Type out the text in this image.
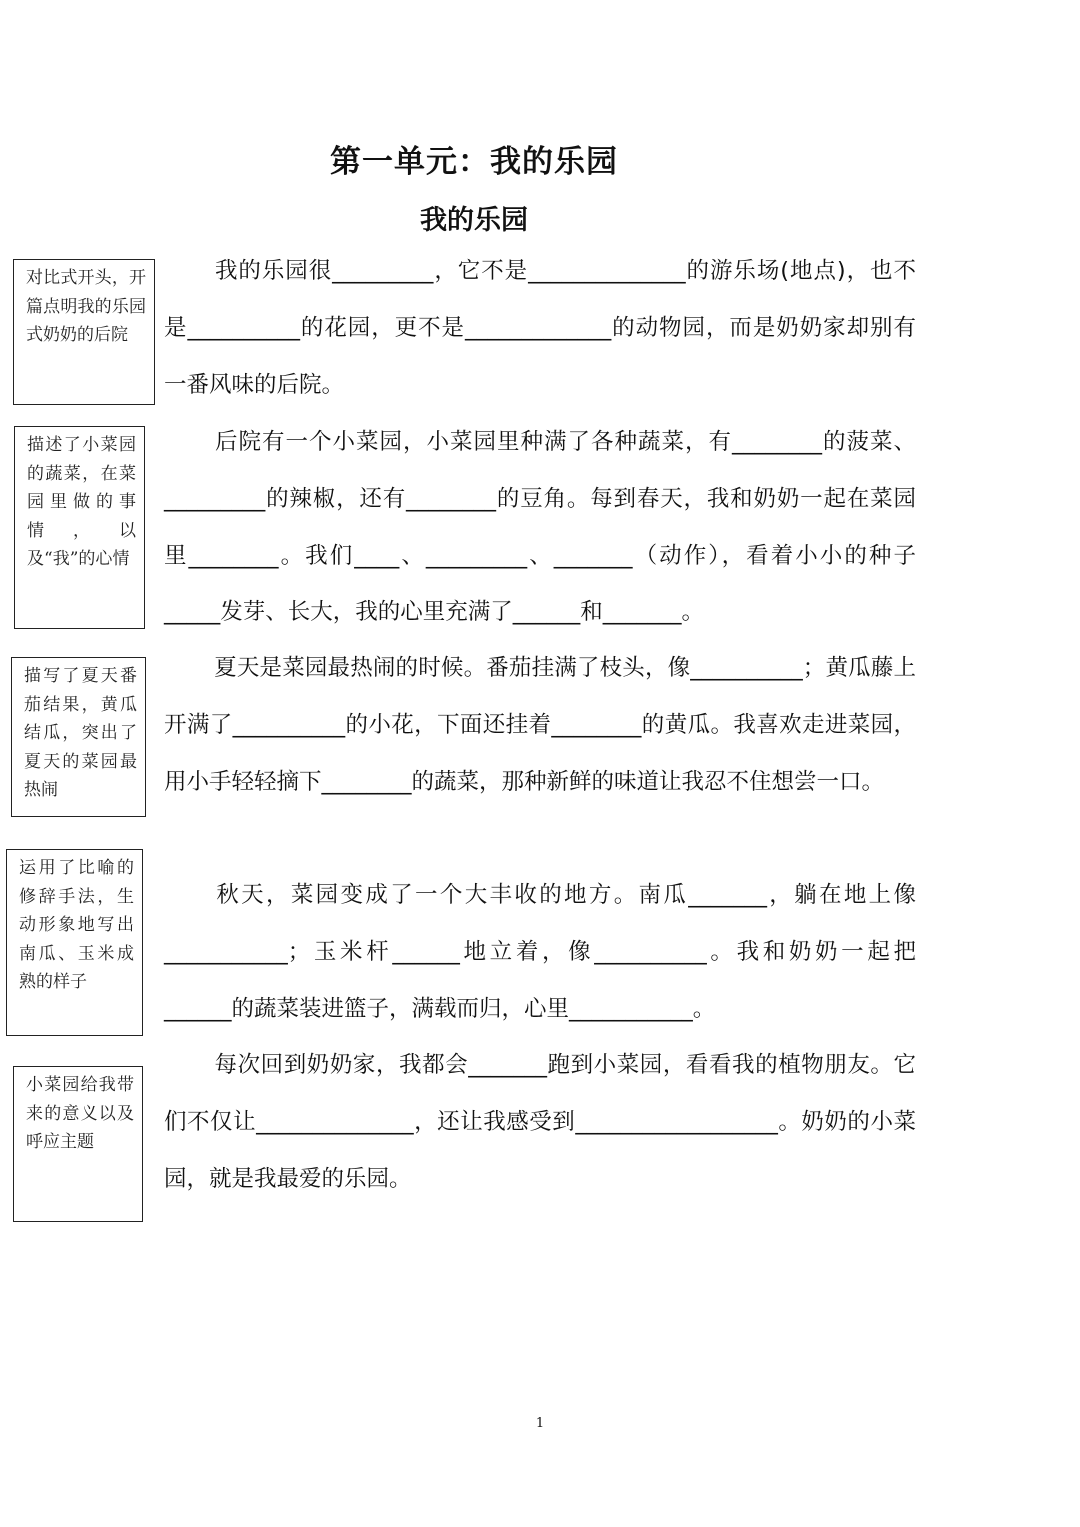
第一单元：我的乐园
我的乐园
对比式开头，开篇点明我的乐园式奶奶的后院
描述了小菜园的蔬菜，在菜园里做的事情，以及“我”的心情
描写了夏天番茄结果，黄瓜结瓜，突出了夏天的菜园最热闹
运用了比喻的修辞手法，生动形象地写出南瓜、玉米成熟的样子
小菜园给我带来的意义以及呼应主题
我的乐园很_________，它不是______________的游乐场(地点)，也不是__________的花园，更不是_____________的动物园，而是奶奶家却别有一番风味的后院。
后院有一个小菜园，小菜园里种满了各种蔬菜，有________的菠菜、_________的辣椒，还有________的豆角。每到春天，我和奶奶一起在菜园里________。我们____、_________、_______（动作），看着小小的种子_____发芽、长大，我的心里充满了______和_______。
夏天是菜园最热闹的时候。番茄挂满了枝头，像__________；黄瓜藤上开满了__________的小花，下面还挂着________的黄瓜。我喜欢走进菜园，用小手轻轻摘下________的蔬菜，那种新鲜的味道让我忍不住想尝一口。
秋天，菜园变成了一个大丰收的地方。南瓜_______，躺在地上像___________；玉米杆______地立着，像__________。我和奶奶一起把______的蔬菜装进篮子，满载而归，心里___________。
每次回到奶奶家，我都会_______跑到小菜园，看看我的植物朋友。它们不仅让______________，还让我感受到__________________。奶奶的小菜园，就是我最爱的乐园。
1
